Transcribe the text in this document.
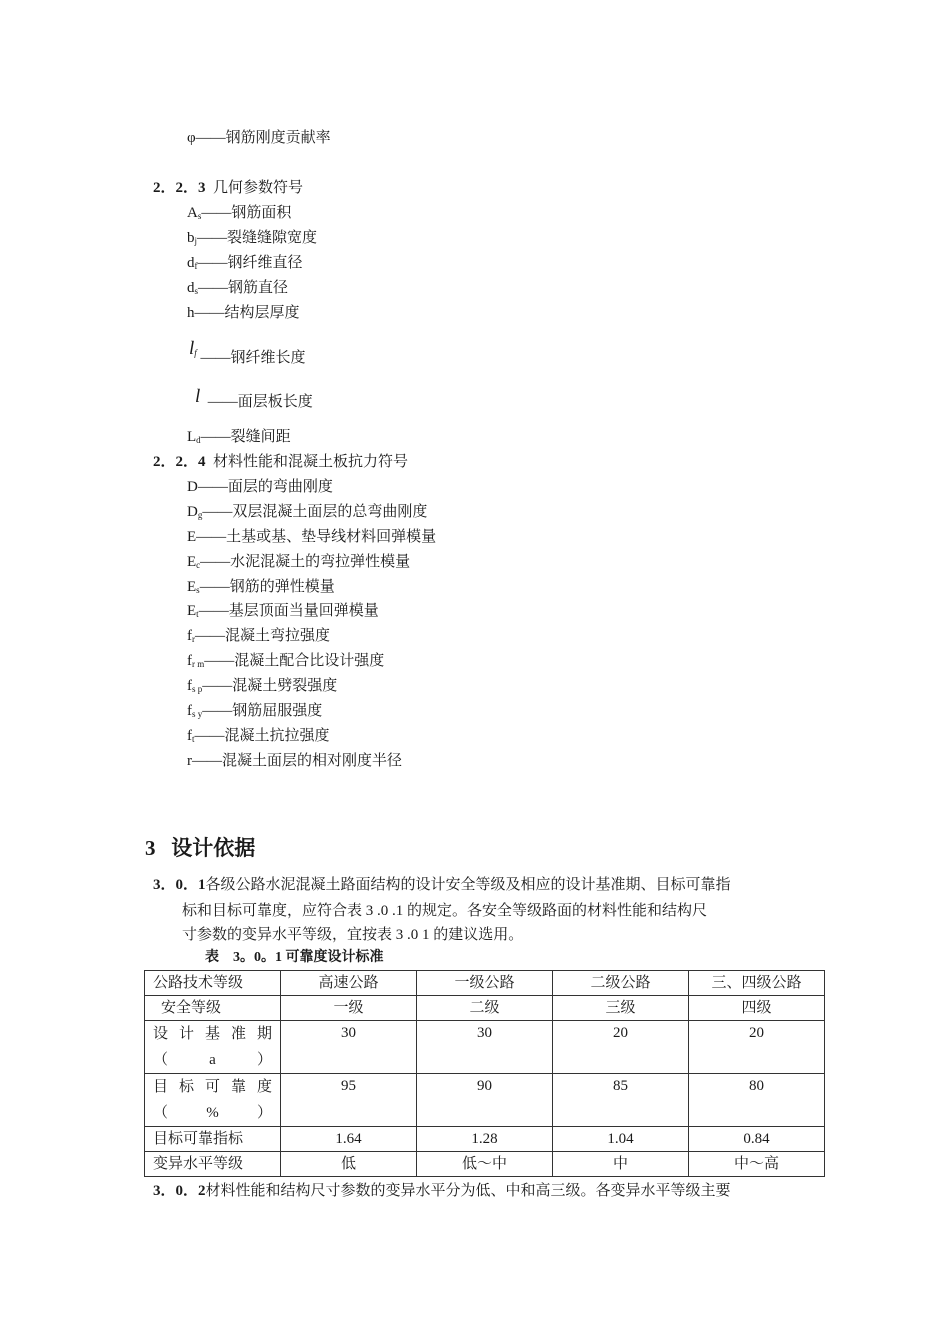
φ——钢筋刚度贡献率
2．2．3 几何参数符号
$A_s——$钢筋面积
$b_j——$裂缝缝隙宽度
$d_f——$钢纤维直径
$d_s——$钢筋直径
h——结构层厚度
$l_f$ ——钢纤维长度
l ——面层板长度
$L_d——$裂缝间距
2．2．4 材料性能和混凝土板抗力符号
D——面层的弯曲刚度
$D_g——$双层混凝土面层的总弯曲刚度
E——土基或基、垫导线材料回弹模量
$E_c——$水泥混凝土的弯拉弹性模量
$E_s——$钢筋的弹性模量
$E_t——$基层顶面当量回弹模量
$f_r——$混凝土弯拉强度
$f_{r m}——$混凝土配合比设计强度
$f_{s p}——$混凝土劈裂强度
$f_{s y}——$钢筋屈服强度
$f_t——$混凝土抗拉强度
r——混凝土面层的相对刚度半径
3 设计依据
3．0．1各级公路水泥混凝土路面结构的设计安全等级及相应的设计基准期、目标可靠指
标和目标可靠度，应符合表 3 .0 .1 的规定。各安全等级路面的材料性能和结构尺
寸参数的变异水平等级，宜按表 3 .0 1 的建议选用。
表　3。0。1 可靠度设计标准
公路技术等级	高速公路	一级公路	二级公路	三、四级公路
安全等级	一级	二级	三级	四级
设计基准期
（a）	30	30	20	20
目标可靠度
（%）	95	90	85	80
目标可靠指标	1.64	1.28	1.04	0.84
变异水平等级	低	低～中	中	中～高
3．0．2材料性能和结构尺寸参数的变异水平分为低、中和高三级。各变异水平等级主要
